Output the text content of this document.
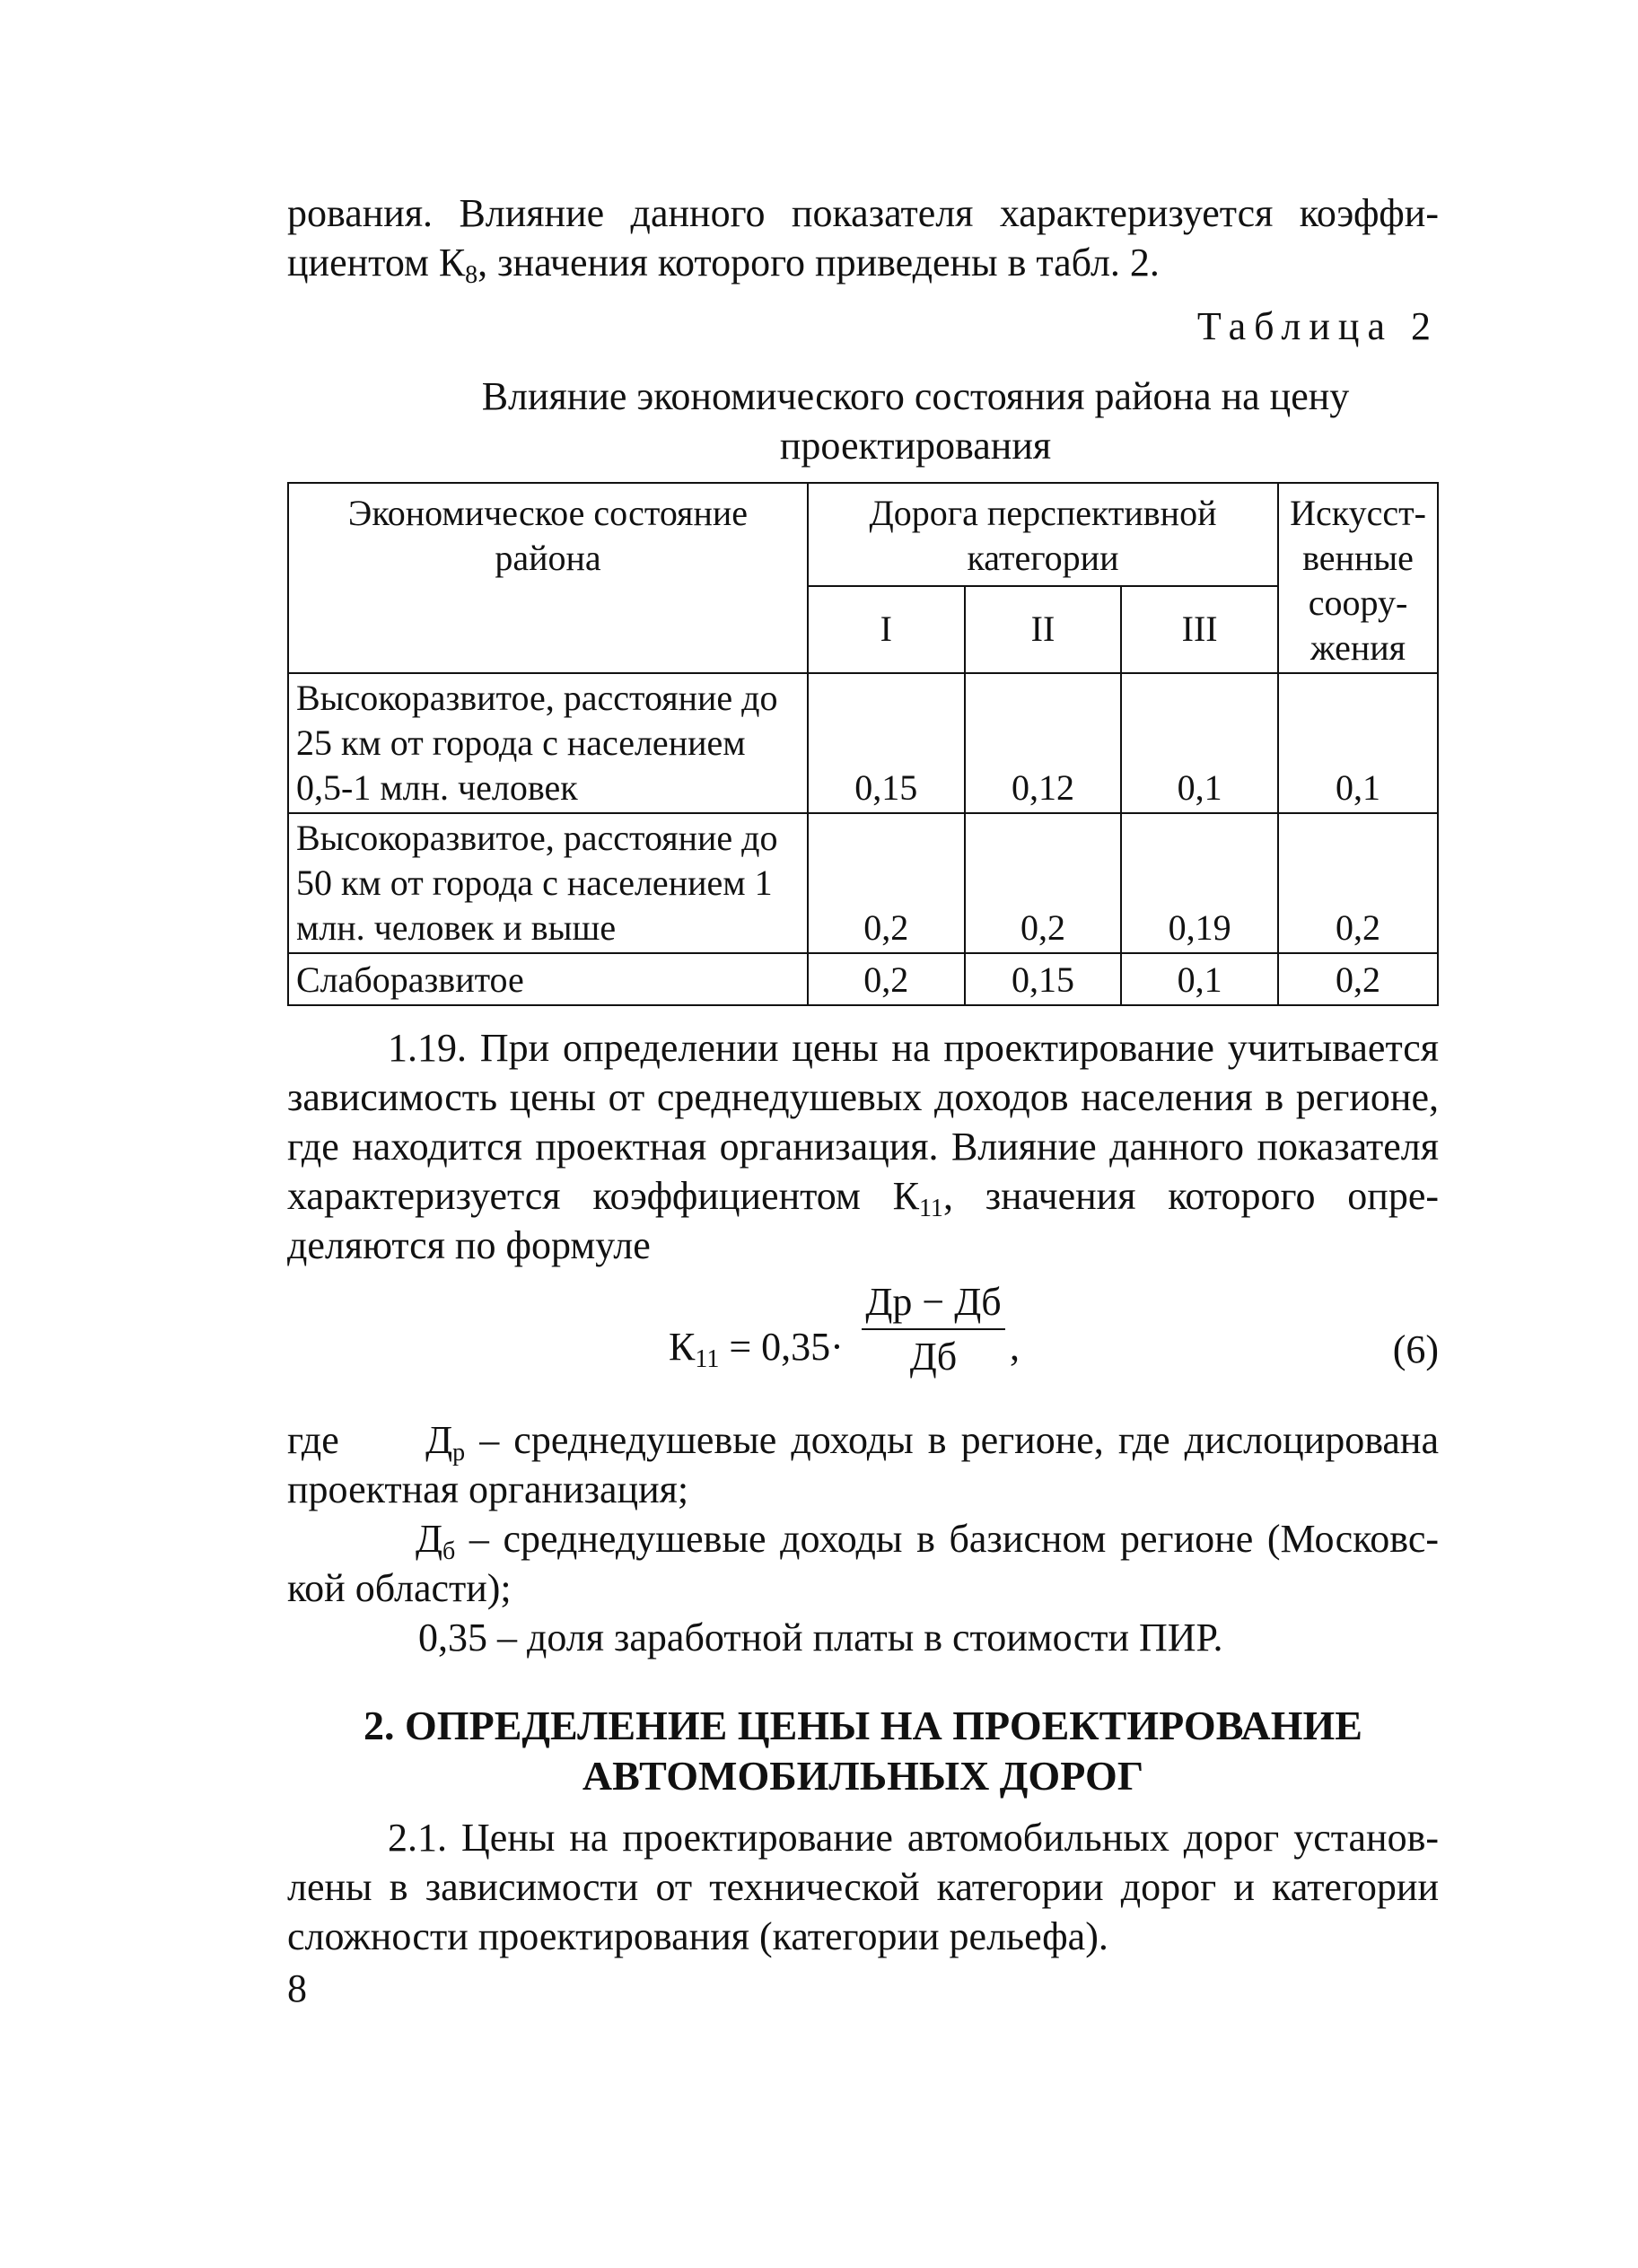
рования. Влияние данного показателя характеризуется коэффи-

циентом $К_8$, значения которого приведены в табл. 2.

Таблица 2
Влияние экономического состояния района на цену проектирования
Экономическое состояние района	Дорога перспективной категории			Искусст-венные соору-жения
	I	II	III	
Высокоразвитое, расстояние до 25 км от города с населением 0,5-1 млн. человек	0,15	0,12	0,1	0,1
Высокоразвитое, расстояние до 50 км от города с населением 1 млн. человек и выше	0,2	0,2	0,19	0,2
Слаборазвитое	0,2	0,15	0,1	0,2

1.19. При определении цены на проектирование учитывается

зависимость цены от среднедушевых доходов населения в регионе,

где находится проектная организация. Влияние данного показателя

характеризуется коэффициентом $К_{11}$, значения которого опре-

деляются по формуле

$К_{11} = 0,35\cdot$
Др − Дб
Дб	,	(6)

где $Д_р$ – среднедушевые доходы в регионе, где дислоцирована

проектная организация;

$Д_б$ – среднедушевые доходы в базисном регионе (Московс-

кой области);

0,35 – доля заработной платы в стоимости ПИР.

2. ОПРЕДЕЛЕНИЕ ЦЕНЫ НА ПРОЕКТИРОВАНИЕ
АВТОМОБИЛЬНЫХ ДОРОГ

2.1. Цены на проектирование автомобильных дорог установ-

лены в зависимости от технической категории дорог и категории

сложности проектирования (категории рельефа).

8
